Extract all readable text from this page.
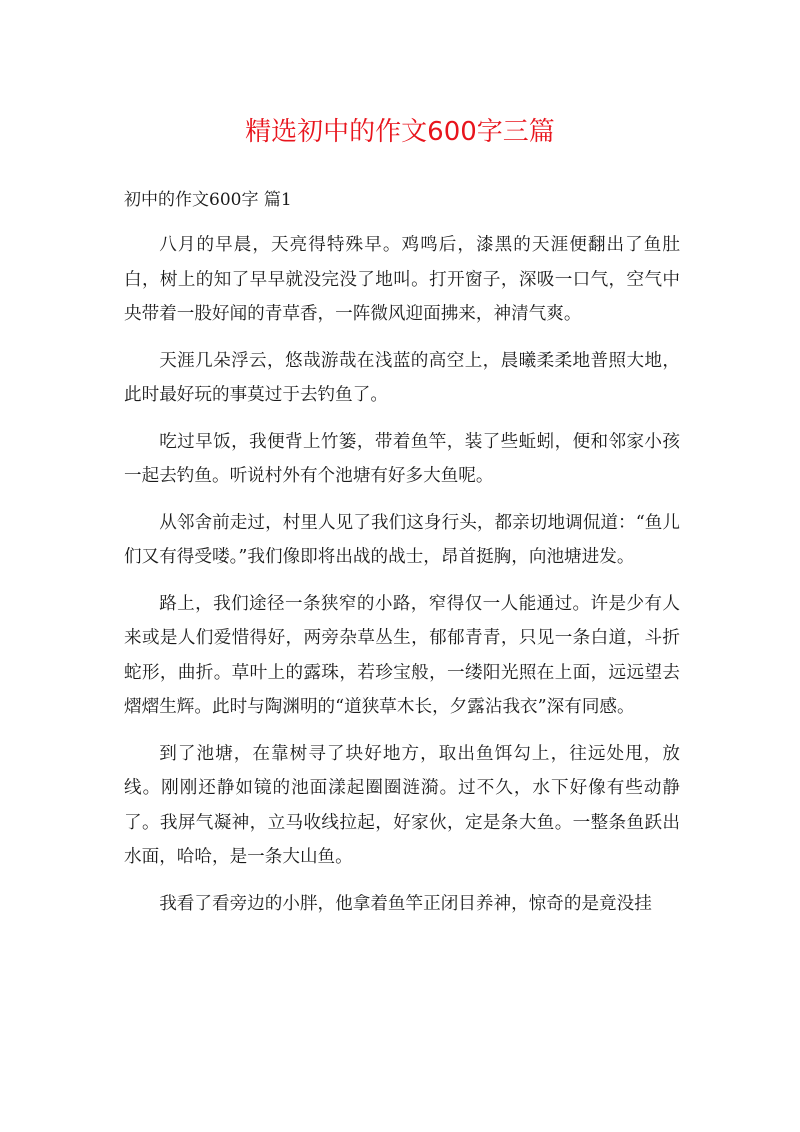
精选初中的作文600字三篇
初中的作文600字 篇1

八月的早晨，天亮得特殊早。鸡鸣后，漆黑的天涯便翻出了鱼肚白，树上的知了早早就没完没了地叫。打开窗子，深吸一口气，空气中央带着一股好闻的青草香，一阵微风迎面拂来，神清气爽。

天涯几朵浮云，悠哉游哉在浅蓝的高空上，晨曦柔柔地普照大地，此时最好玩的事莫过于去钓鱼了。

吃过早饭，我便背上竹篓，带着鱼竿，装了些蚯蚓，便和邻家小孩一起去钓鱼。听说村外有个池塘有好多大鱼呢。

从邻舍前走过，村里人见了我们这身行头，都亲切地调侃道：“鱼儿们又有得受喽。”我们像即将出战的战士，昂首挺胸，向池塘进发。

路上，我们途径一条狭窄的小路，窄得仅一人能通过。许是少有人来或是人们爱惜得好，两旁杂草丛生，郁郁青青，只见一条白道，斗折蛇形，曲折。草叶上的露珠，若珍宝般，一缕阳光照在上面，远远望去熠熠生辉。此时与陶渊明的“道狭草木长，夕露沾我衣”深有同感。

到了池塘，在靠树寻了块好地方，取出鱼饵勾上，往远处甩，放线。刚刚还静如镜的池面漾起圈圈涟漪。过不久，水下好像有些动静了。我屏气凝神，立马收线拉起，好家伙，定是条大鱼。一整条鱼跃出水面，哈哈，是一条大山鱼。

我看了看旁边的小胖，他拿着鱼竿正闭目养神，惊奇的是竟没挂
